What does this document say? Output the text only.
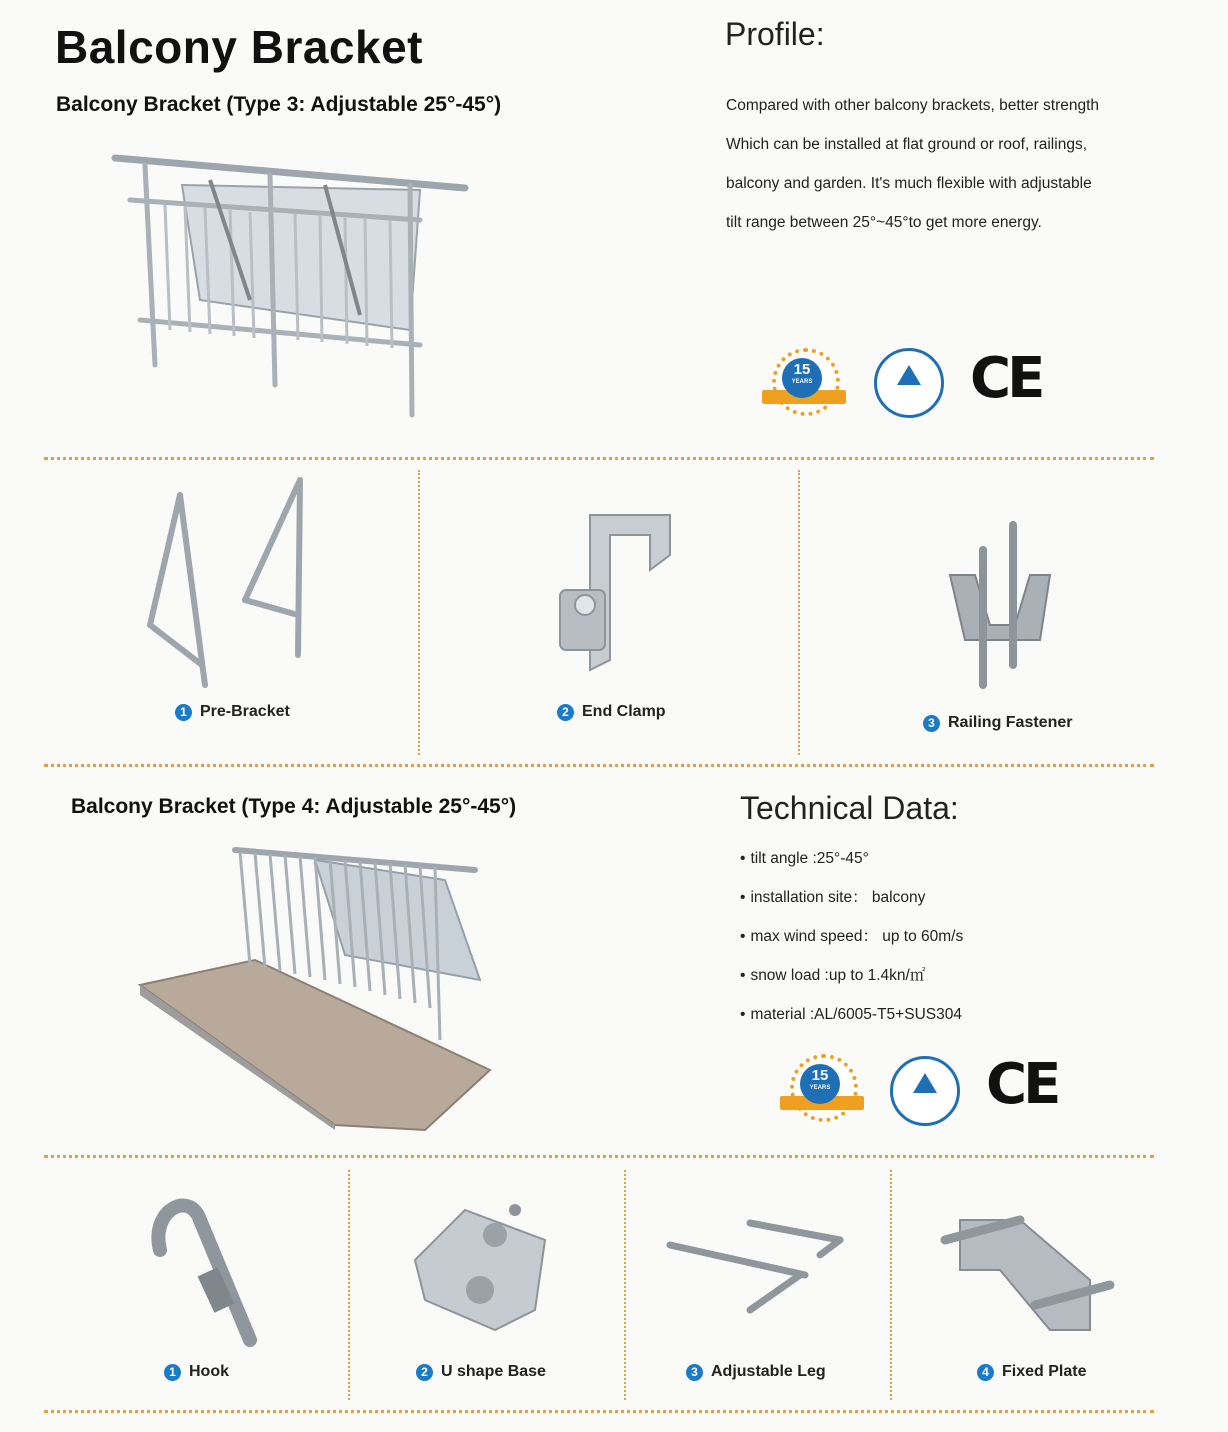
Balcony Bracket
Balcony Bracket (Type 3: Adjustable 25°-45°)
Profile:
Compared with other balcony brackets, better strength
Which can be installed at flat ground or roof, railings,
balcony and garden. It's much flexible with adjustable
tilt range between 25°~45°to get more energy.
15
YEARS
	CE
1 Pre-Bracket	2 End Clamp
3 Railing Fastener
Balcony Bracket (Type 4: Adjustable 25°-45°)	Technical Data:
• tilt angle :25°-45°
• installation site： balcony
• max wind speed： up to 60m/s
• snow load :up to 1.4kn/㎡
• material :AL/6005-T5+SUS304
15
YEARS
	CE
1 Hook	2 U shape Base	3 Adjustable Leg	4 Fixed Plate
